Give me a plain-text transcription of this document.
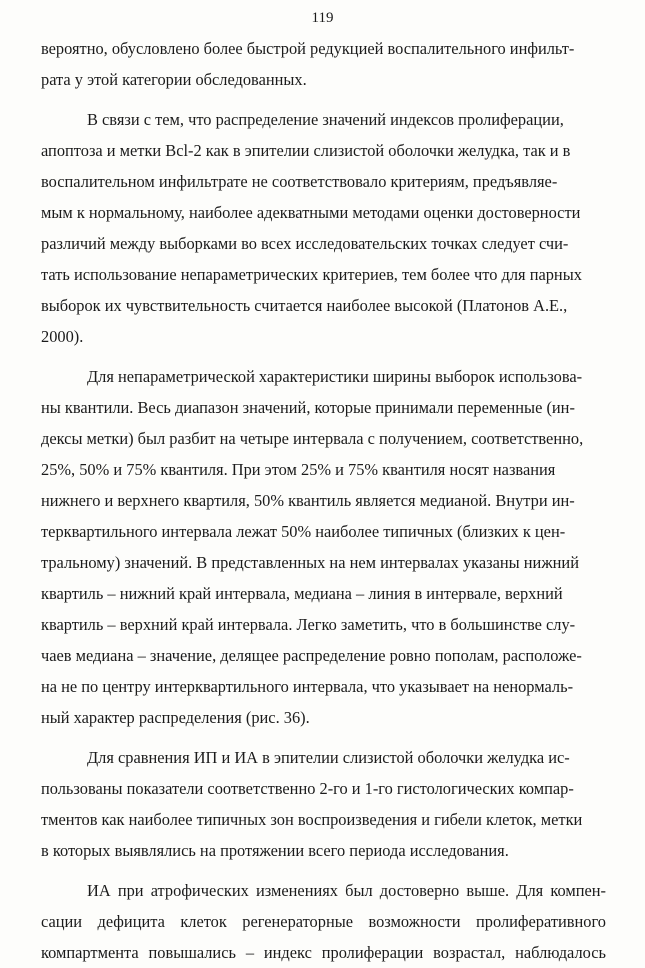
119

вероятно, обусловлено более быстрой редукцией воспалительного инфильт-
рата у этой категории обследованных.

В связи с тем, что распределение значений индексов пролиферации,
апоптоза и метки Bcl-2 как в эпителии слизистой оболочки желудка, так и в
воспалительном инфильтрате не соответствовало критериям, предъявляе-
мым к нормальному, наиболее адекватными методами оценки достоверности
различий между выборками во всех исследовательских точках следует счи-
тать использование непараметрических критериев, тем более что для парных
выборок их чувствительность считается наиболее высокой (Платонов А.Е.,
2000).

Для непараметрической характеристики ширины выборок использова-
ны квантили. Весь диапазон значений, которые принимали переменные (ин-
дексы метки) был разбит на четыре интервала с получением, соответственно,
25%, 50% и 75% квантиля. При этом 25% и 75% квантиля носят названия
нижнего и верхнего квартиля, 50% квантиль является медианой. Внутри ин-
терквартильного интервала лежат 50% наиболее типичных (близких к цен-
тральному) значений. В представленных на нем интервалах указаны нижний
квартиль – нижний край интервала, медиана – линия в интервале, верхний
квартиль – верхний край интервала. Легко заметить, что в большинстве слу-
чаев медиана – значение, делящее распределение ровно пополам, расположе-
на не по центру интерквартильного интервала, что указывает на ненормаль-
ный характер распределения (рис. 36).

Для сравнения ИП и ИА в эпителии слизистой оболочки желудка ис-
пользованы показатели соответственно 2-го и 1-го гистологических компар-
тментов как наиболее типичных зон воспроизведения и гибели клеток, метки
в которых выявлялись на протяжении всего периода исследования.

ИА при атрофических изменениях был достоверно выше. Для компен-
сации дефицита клеток регенераторные возможности пролиферативного
компартмента повышались – индекс пролиферации возрастал, наблюдалось
